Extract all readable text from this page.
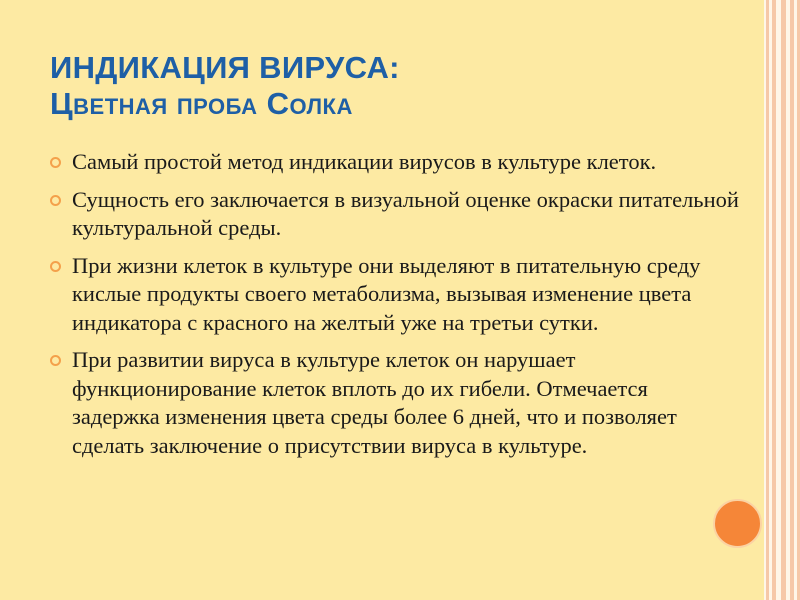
ИНДИКАЦИЯ ВИРУСА:
Цветная проба Солка
Самый простой метод индикации вирусов в культуре клеток.
Сущность его заключается в визуальной оценке окраски питательной культуральной среды.
При жизни клеток в культуре они выделяют в питательную среду кислые продукты своего метаболизма, вызывая изменение цвета индикатора с красного на желтый уже на третьи сутки.
При развитии вируса в культуре клеток он нарушает функционирование клеток вплоть до их гибели. Отмечается задержка изменения цвета среды более 6 дней, что и позволяет сделать заключение о присутствии вируса в культуре.
